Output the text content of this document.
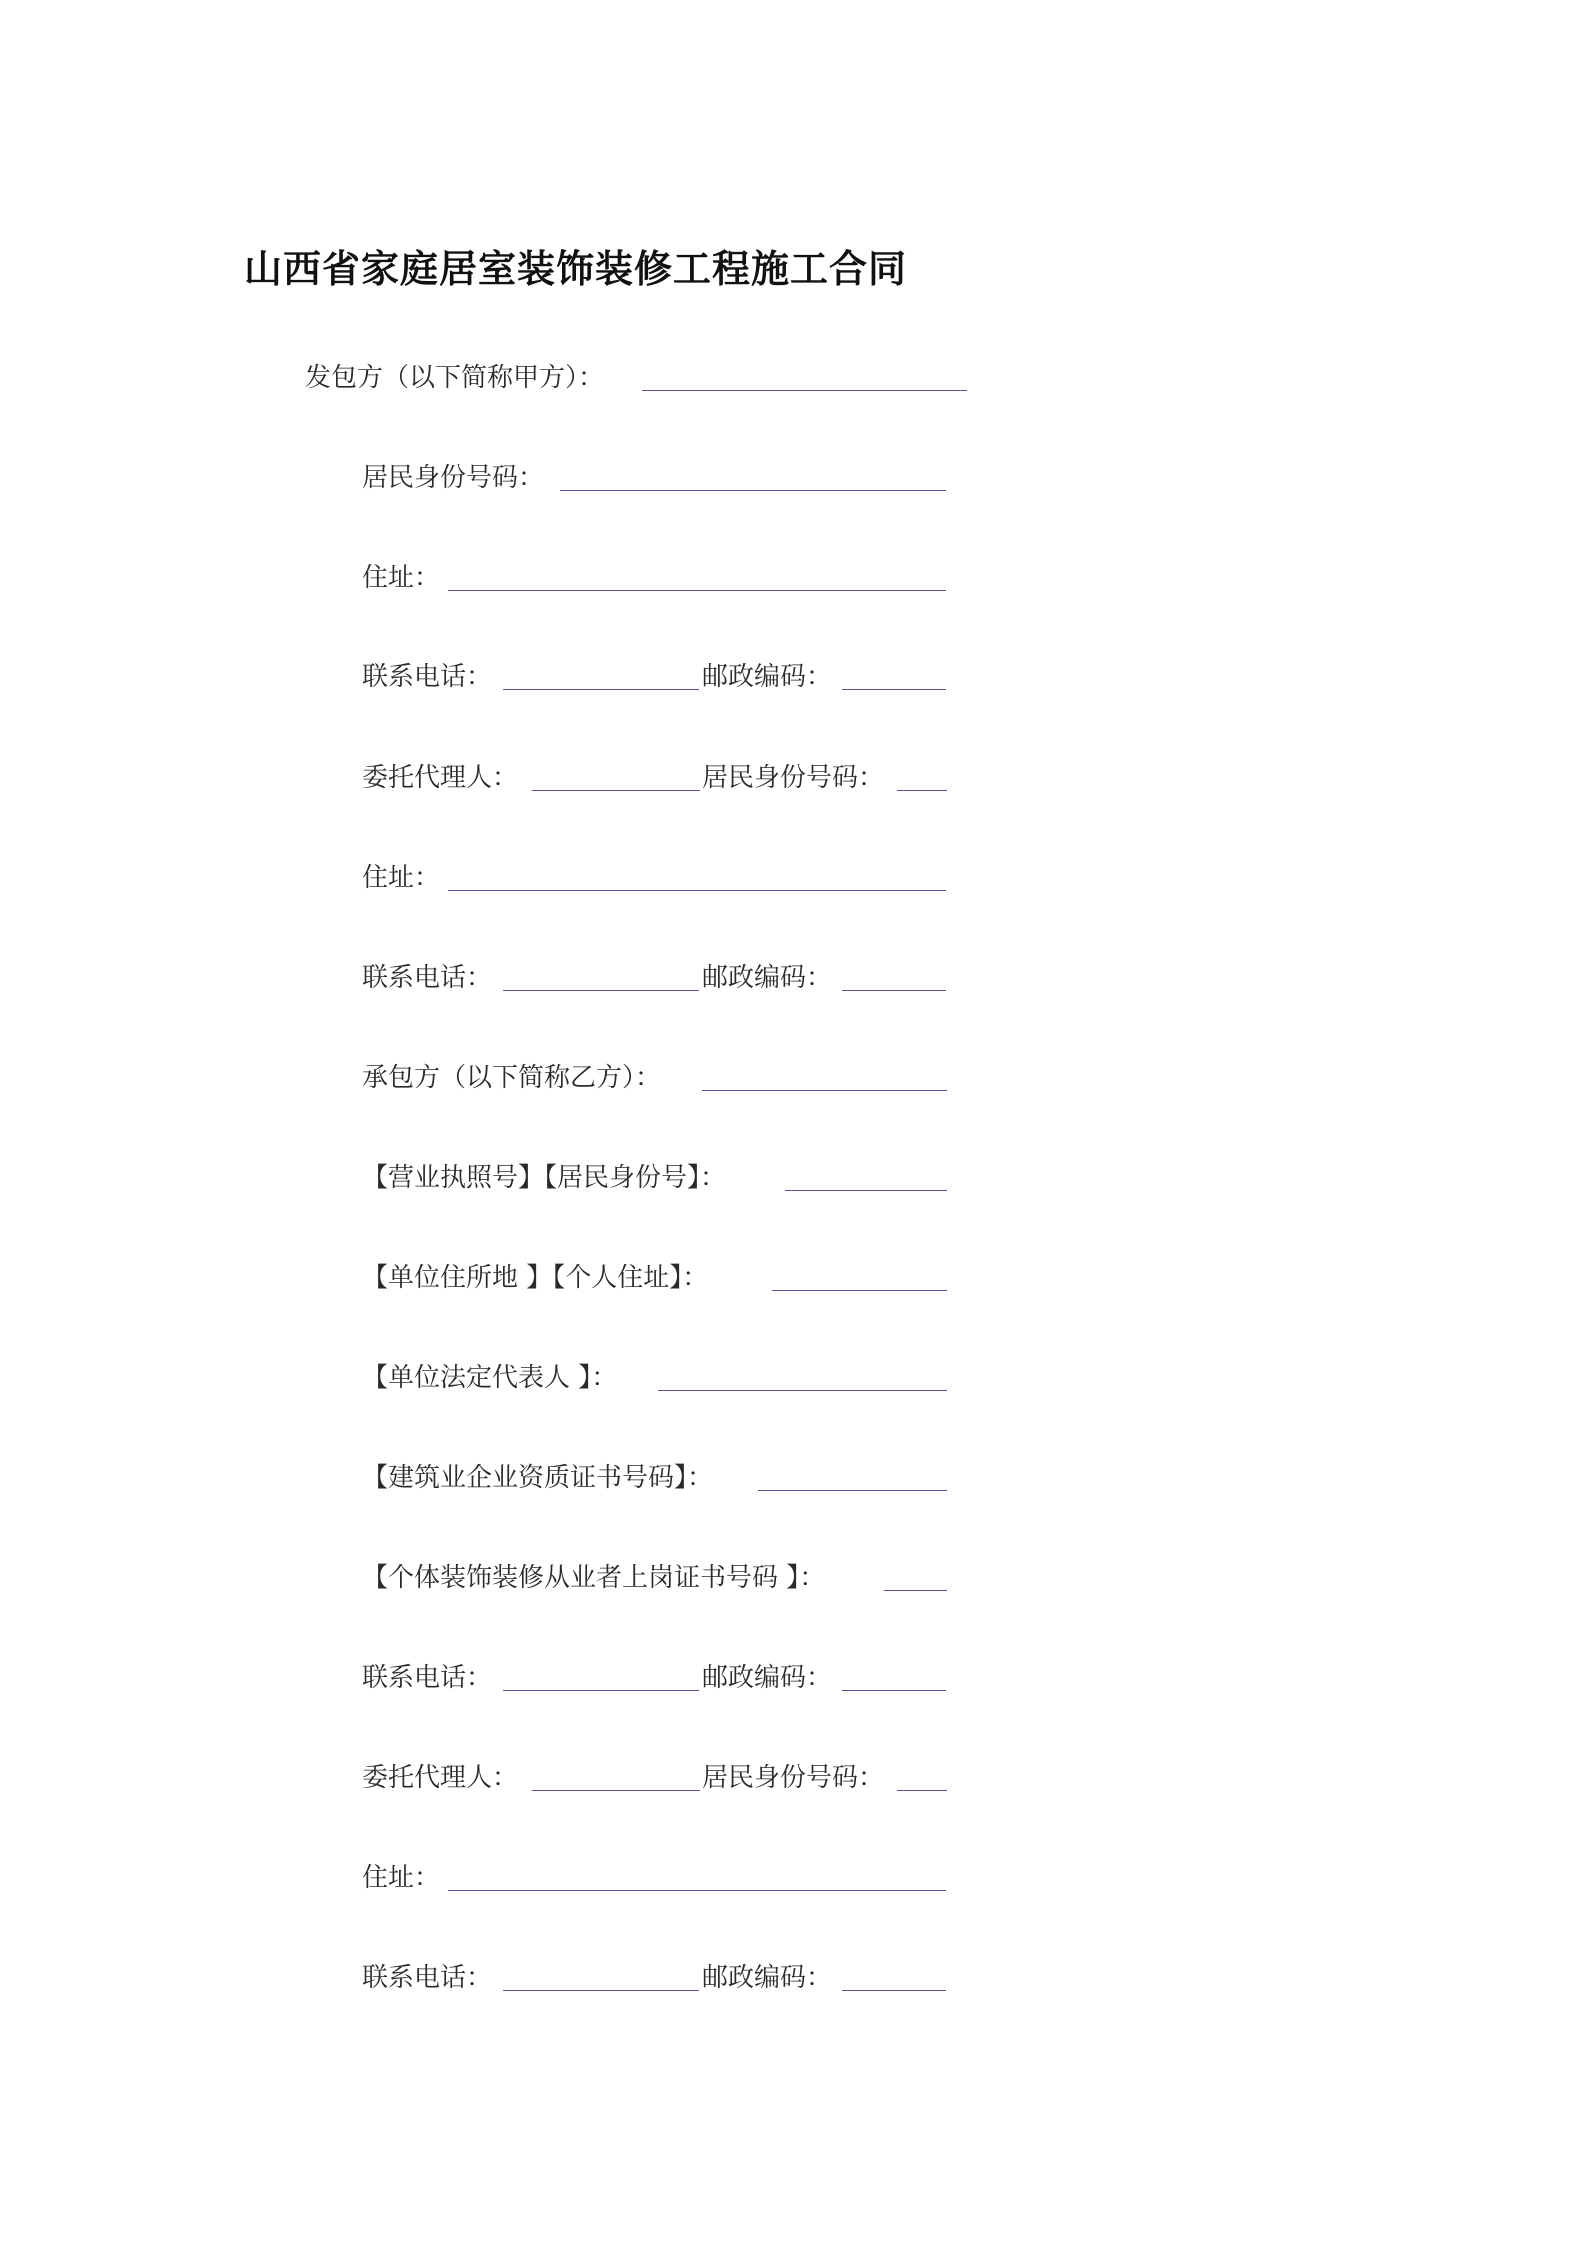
山西省家庭居室装饰装修工程施工合同
发包方（以下简称甲方）：
居民身份号码：
住址：
联系电话：	邮政编码：
委托代理人：	居民身份号码：
住址：
联系电话：	邮政编码：
承包方（以下简称乙方）：
【营业执照号】【居民身份号】：
【单位住所地 】【个人住址】：
【单位法定代表人 】：
【建筑业企业资质证书号码】：
【个体装饰装修从业者上岗证书号码 】：
联系电话：	邮政编码：
委托代理人：	居民身份号码：
住址：
联系电话：	邮政编码：
